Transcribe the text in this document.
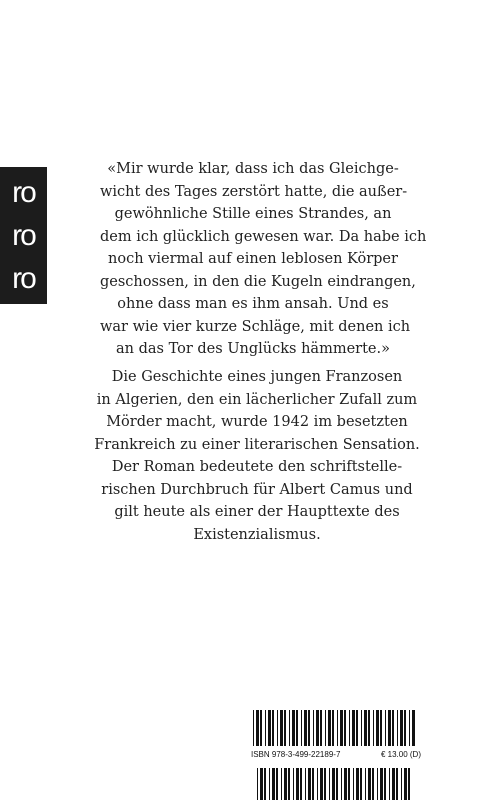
ro
ro
ro

«Mir wurde klar, dass ich das Gleichge-
wicht des Tages zerstört hatte, die außer-
gewöhnliche Stille eines Strandes, an
dem ich glücklich gewesen war. Da habe ich
noch viermal auf einen leblosen Körper
geschossen, in den die Kugeln eindrangen,
ohne dass man es ihm ansah. Und es
war wie vier kurze Schläge, mit denen ich
an das Tor des Unglücks hämmerte.»

Die Geschichte eines jungen Franzosen
in Algerien, den ein lächerlicher Zufall zum
Mörder macht, wurde 1942 im besetzten
Frankreich zu einer literarischen Sensation.
Der Roman bedeutete den schriftstelle-
rischen Durchbruch für Albert Camus und
gilt heute als einer der Haupttexte des
Existenzialismus.

ISBN 978-3-499-22189-7	€ 13.00 (D)
